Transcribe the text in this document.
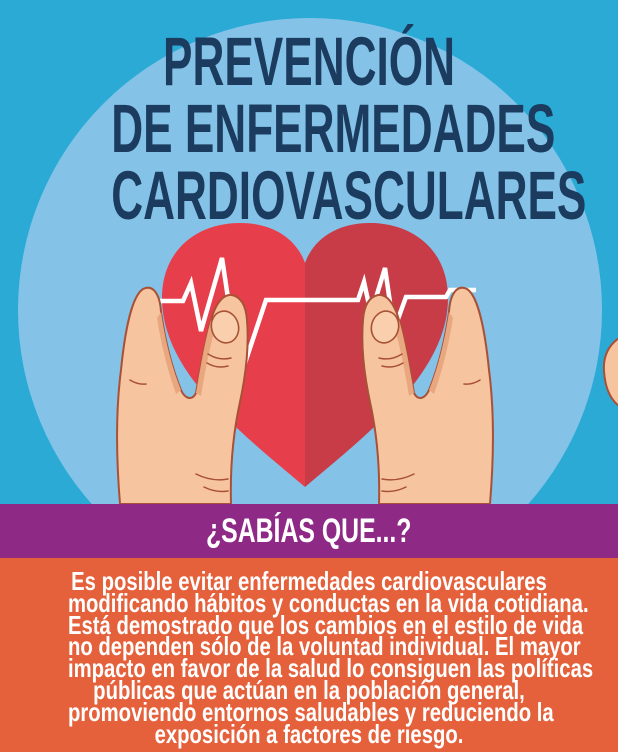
PREVENCIÓN
DE ENFERMEDADES
CARDIOVASCULARES
¿SABÍAS QUE...?
Es posible evitar enfermedades cardiovasculares
modificando hábitos y conductas en la vida cotidiana.
Está demostrado que los cambios en el estilo de vida
no dependen sólo de la voluntad individual. El mayor
impacto en favor de la salud lo consiguen las políticas
públicas que actúan en la población general,
promoviendo entornos saludables y reduciendo la
exposición a factores de riesgo.
